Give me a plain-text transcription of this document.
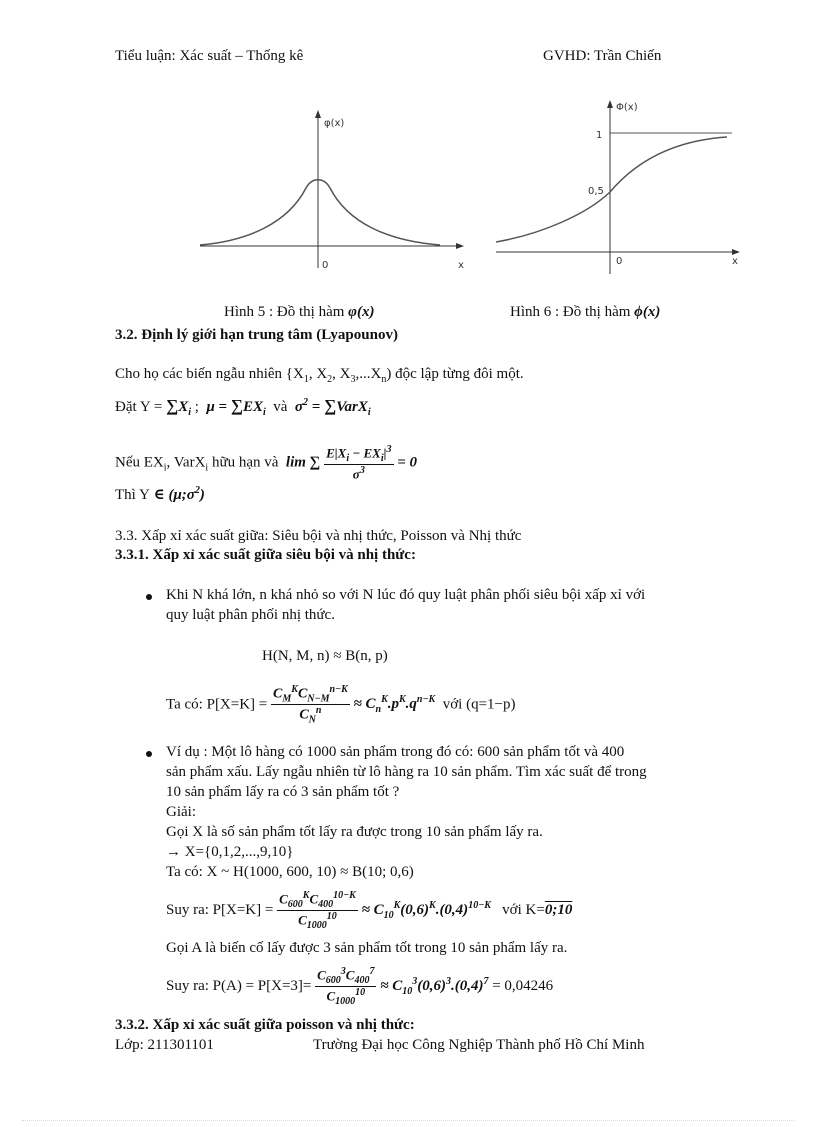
Tiểu luận: Xác suất – Thống kê	GVHD: Trần Chiến
φ(x)
0	x
Φ(x)
1
0,5
0	x
Hình 5 : Đồ thị hàm φ(x)	Hình 6 : Đồ thị hàm ϕ(x)
3.2. Định lý giới hạn trung tâm (Lyapounov)
Cho họ các biến ngẫu nhiên {$X_1$, $X_2$, $X_3,...X_n$) độc lập từng đôi một.
Đặt $Y = \sum X_i$ ;  $\mu = \sum EX_i$ và $\sigma^2$ = ∑VarX$_i$
Nếu $EX_i$, VarX$_i$ hữu hạn và lim ∑ $\frac{E|X_i - EX_i|^3}{\sigma^3} = 0$
Thì Y ∈ $(\mu;\sigma^2)$
3.3. Xấp xỉ xác suất giữa: Siêu bội và nhị thức, Poisson và Nhị thức
3.3.1. Xấp xỉ xác suất giữa siêu bội và nhị thức:
Khi N khá lớn, n khá nhỏ so với N lúc đó quy luật phân phối siêu bội xấp xỉ với
quy luật phân phối nhị thức.
H(N, M, n) ≈ B(n, p)
Ta có: $P[X=K] = \frac{C_M^KC_{N-M}^{n-K}}{C_N^n} \approx C_n^K.p^K.q^{n-K}$ với (q=1−p)
Ví dụ : Một lô hàng có 1000 sản phẩm trong đó có: 600 sản phẩm tốt và 400
sản phẩm xấu. Lấy ngẫu nhiên từ lô hàng ra 10 sản phẩm. Tìm xác suất để trong
10 sản phẩm lấy ra có 3 sản phẩm tốt ?
Giải:
Gọi X là số sản phẩm tốt lấy ra được trong 10 sản phẩm lấy ra.
→ X={0,1,2,...,9,10}
Ta có: X ~ H(1000, 600, 10) ≈ B(10; 0,6)
Suy ra: $P[X=K] = \frac{C_{600}^KC_{400}^{10-K}}{C_{1000}^{10}} \approx C_{10}^K(0,6)^K.(0,4)^{10-K}$ với K=0;10
Gọi A là biến cố lấy được 3 sản phẩm tốt trong 10 sản phẩm lấy ra.
Suy ra: $P(A) = P[X=3]= \frac{C_{600}^3C_{400}^7}{C_{1000}^{10}} \approx C_{10}^3(0,6)^3.(0,4)^7 = 0,04246$
3.3.2. Xấp xỉ xác suất giữa poisson và nhị thức:
Lớp: 211301101	Trường Đại học Công Nghiệp Thành phố Hồ Chí Minh
